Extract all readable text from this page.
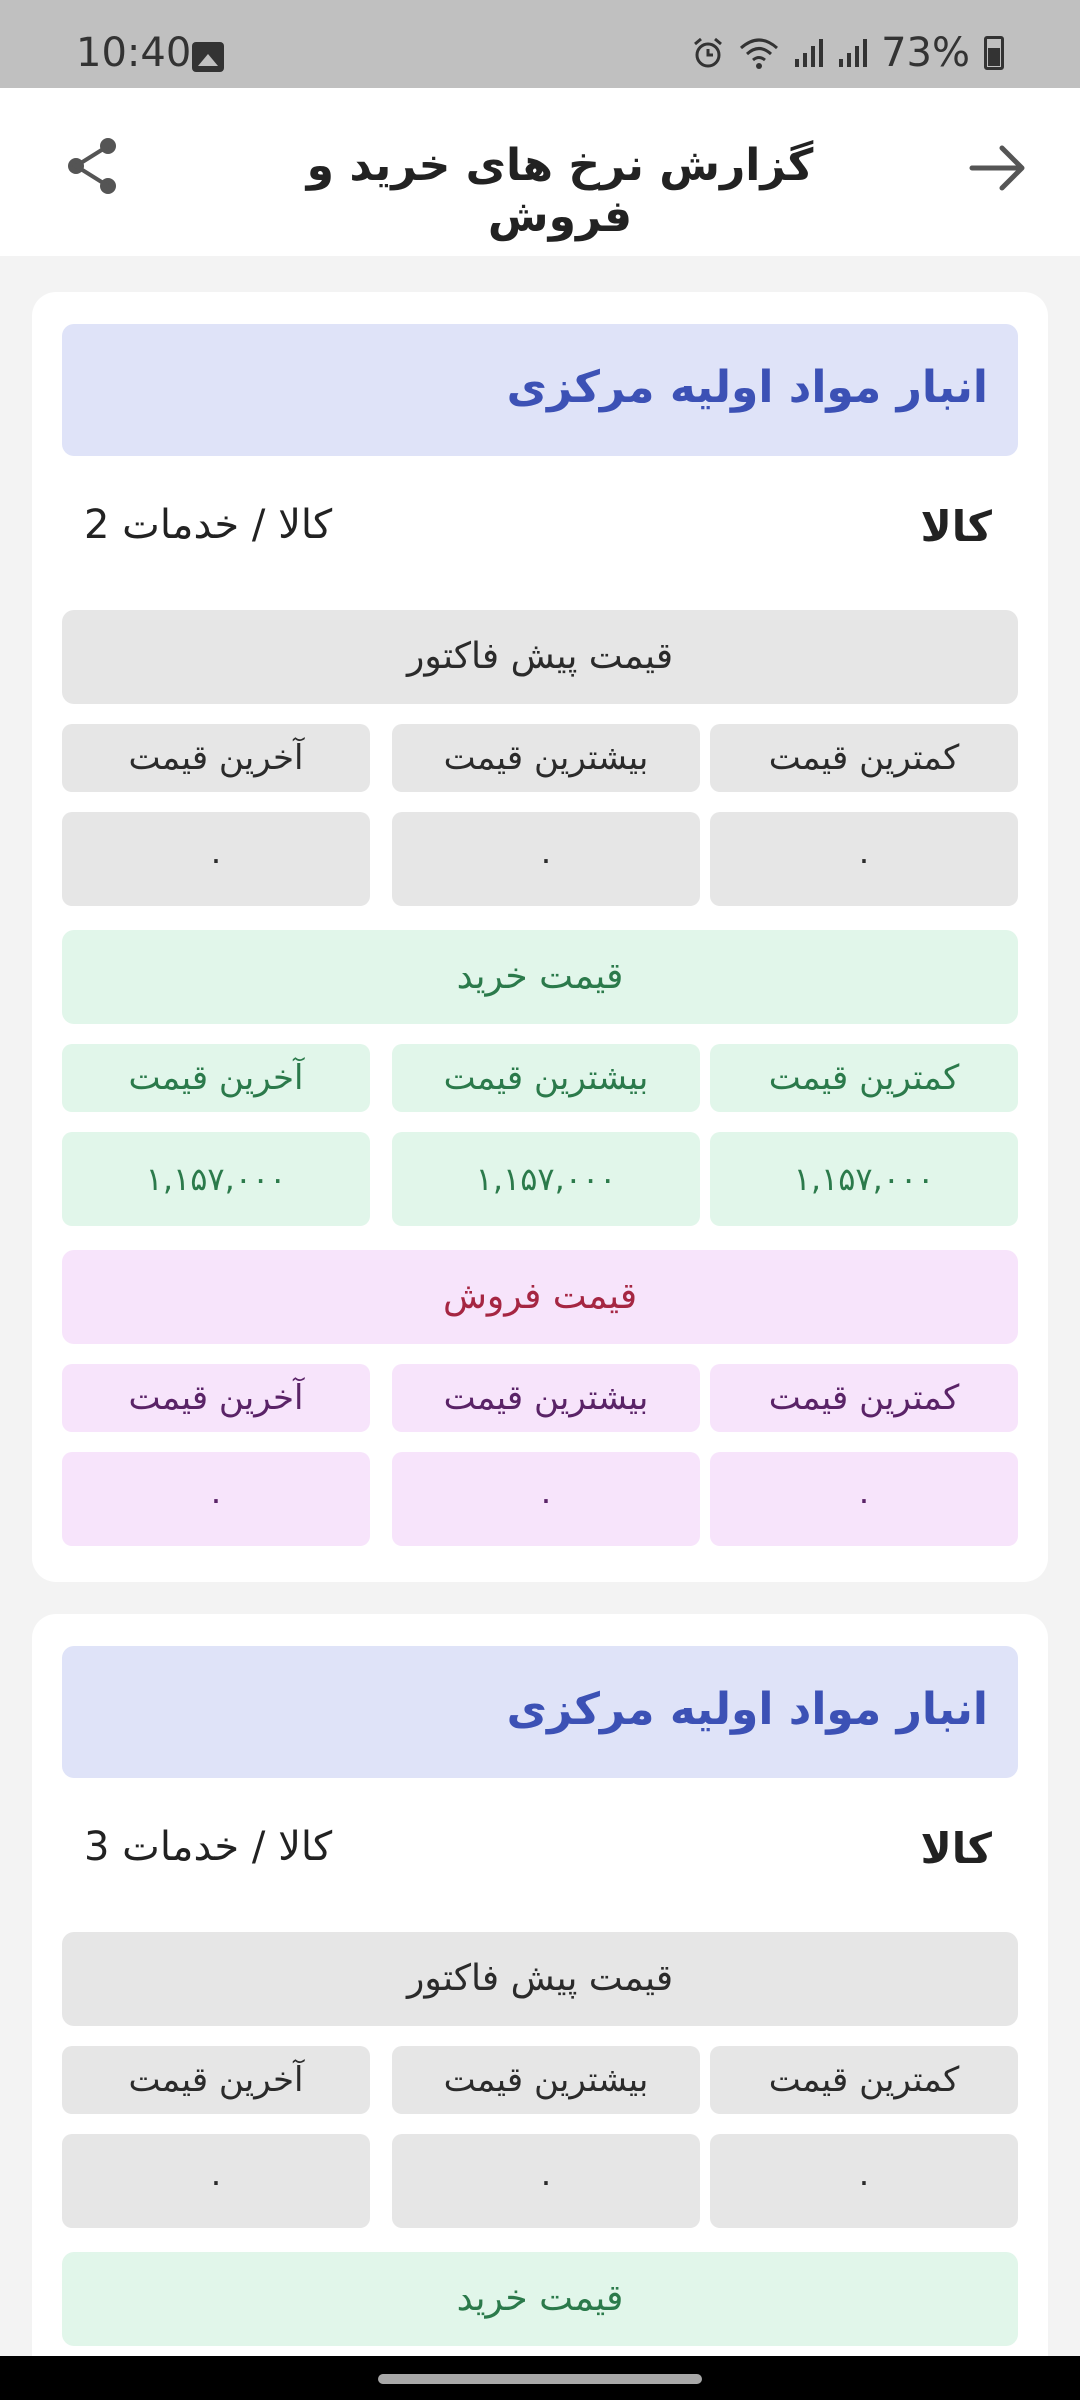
10:40	73%
گزارش نرخ های خرید و فروش
انبار مواد اولیه مرکزی
کالا
کالا / خدمات 2
قیمت پیش فاکتور
کمترین قیمت
بیشترین قیمت
آخرین قیمت
۰
۰
۰
قیمت خرید
کمترین قیمت
بیشترین قیمت
آخرین قیمت
۱,۱۵۷,۰۰۰
۱,۱۵۷,۰۰۰
۱,۱۵۷,۰۰۰
قیمت فروش
کمترین قیمت
بیشترین قیمت
آخرین قیمت
۰
۰
۰
انبار مواد اولیه مرکزی
کالا
کالا / خدمات 3
قیمت پیش فاکتور
کمترین قیمت
بیشترین قیمت
آخرین قیمت
۰
۰
۰
قیمت خرید
